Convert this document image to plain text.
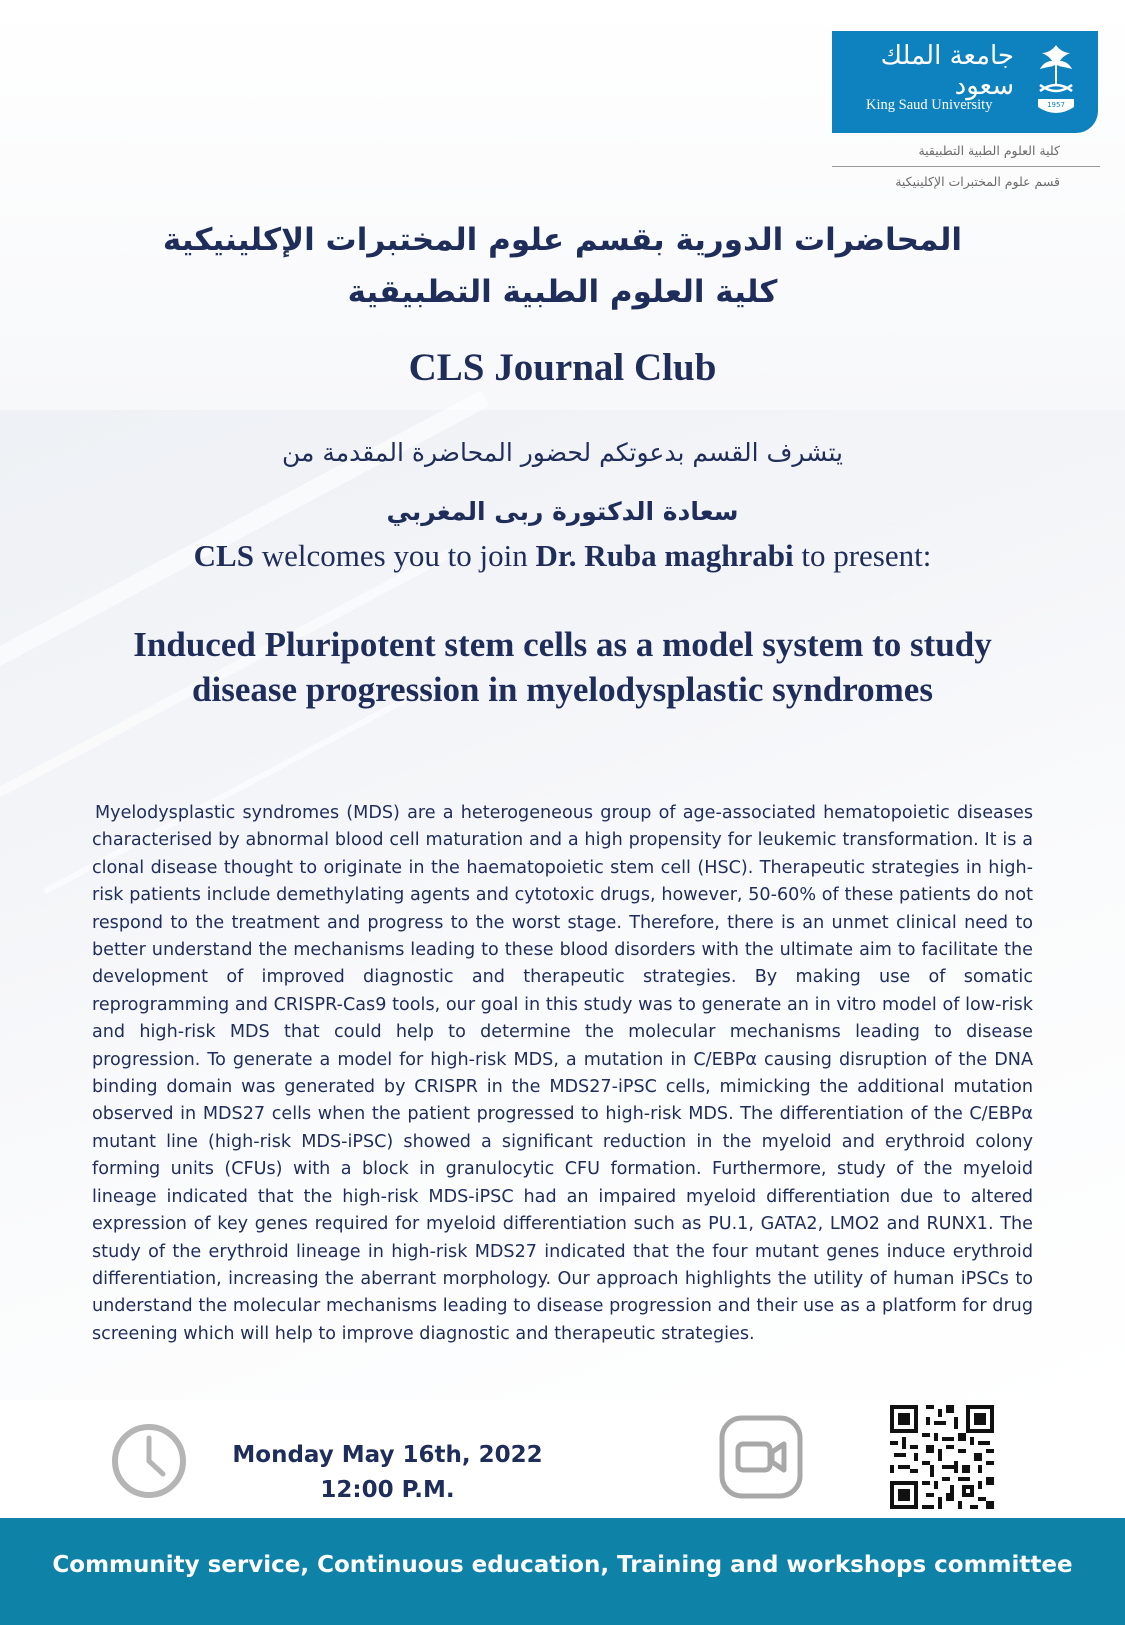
جامعة الملك سعود
King Saud University	1957
كلية العلوم الطبية التطبيقية
قسم علوم المختبرات الإكلينيكية
المحاضرات الدورية بقسم علوم المختبرات الإكلينيكية
كلية العلوم الطبية التطبيقية
CLS Journal Club
يتشرف القسم بدعوتكم لحضور المحاضرة المقدمة من
سعادة الدكتورة ربى المغربي
CLS welcomes you to join Dr. Ruba maghrabi to present:
Induced Pluripotent stem cells as a model system to study disease progression in myelodysplastic syndromes
Myelodysplastic syndromes (MDS) are a heterogeneous group of age-associated hematopoietic diseases characterised by abnormal blood cell maturation and a high propensity for leukemic transformation. It is a clonal disease thought to originate in the haematopoietic stem cell (HSC). Therapeutic strategies in high-risk patients include demethylating agents and cytotoxic drugs, however, 50-60% of these patients do not respond to the treatment and progress to the worst stage. Therefore, there is an unmet clinical need to better understand the mechanisms leading to these blood disorders with the ultimate aim to facilitate the development of improved diagnostic and therapeutic strategies. By making use of somatic reprogramming and CRISPR-Cas9 tools, our goal in this study was to generate an in vitro model of low-risk and high-risk MDS that could help to determine the molecular mechanisms leading to disease progression. To generate a model for high-risk MDS, a mutation in C/EBPα causing disruption of the DNA binding domain was generated by CRISPR in the MDS27-iPSC cells, mimicking the additional mutation observed in MDS27 cells when the patient progressed to high-risk MDS. The differentiation of the C/EBPα mutant line (high-risk MDS-iPSC) showed a significant reduction in the myeloid and erythroid colony forming units (CFUs) with a block in granulocytic CFU formation. Furthermore, study of the myeloid lineage indicated that the high-risk MDS-iPSC had an impaired myeloid differentiation due to altered expression of key genes required for myeloid differentiation such as PU.1, GATA2, LMO2 and RUNX1. The study of the erythroid lineage in high-risk MDS27 indicated that the four mutant genes induce erythroid differentiation, increasing the aberrant morphology. Our approach highlights the utility of human iPSCs to understand the molecular mechanisms leading to disease progression and their use as a platform for drug screening which will help to improve diagnostic and therapeutic strategies.
Monday May 16th, 2022
12:00 P.M.
Community service, Continuous education, Training and workshops committee
